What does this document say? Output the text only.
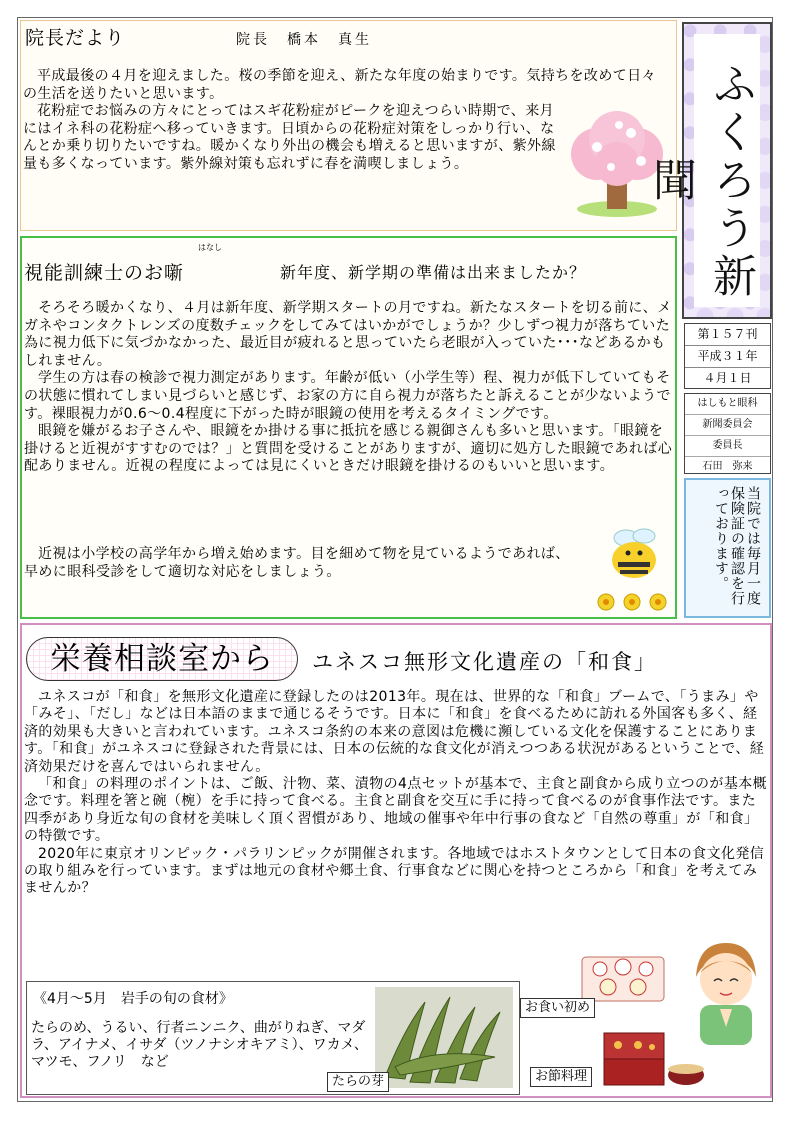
院長だより	院長　橋本　真生

平成最後の４月を迎えました。桜の季節を迎え、新たな年度の始まりです。気持ちを改めて日々の生活を送りたいと思います。

花粉症でお悩みの方々にとってはスギ花粉症がピークを迎えつらい時期で、来月にはイネ科の花粉症へ移っていきます。日頃からの花粉症対策をしっかり行い、なんとか乗り切りたいですね。暖かくなり外出の機会も増えると思いますが、紫外線量も多くなっています。紫外線対策も忘れずに春を満喫しましょう。

はなし
視能訓練士のお噺	新年度、新学期の準備は出来ましたか？

そろそろ暖かくなり、４月は新年度、新学期スタートの月ですね。新たなスタートを切る前に、メガネやコンタクトレンズの度数チェックをしてみてはいかがでしょうか？少しずつ視力が落ちていた為に視力低下に気づかなかった、最近目が疲れると思っていたら老眼が入っていた･･･などあるかもしれません。

学生の方は春の検診で視力測定があります。年齢が低い（小学生等）程、視力が低下していてもその状態に慣れてしまい見づらいと感じず、お家の方に自ら視力が落ちたと訴えることが少ないようです。裸眼視力が0.6～0.4程度に下がった時が眼鏡の使用を考えるタイミングです。

眼鏡を嫌がるお子さんや、眼鏡をか掛ける事に抵抗を感じる親御さんも多いと思います。「眼鏡を掛けると近視がすすむのでは？」と質問を受けることがありますが、適切に処方した眼鏡であれば心配ありません。近視の程度によっては見にくいときだけ眼鏡を掛けるのもいいと思います。

近視は小学校の高学年から増え始めます。目を細めて物を見ているようであれば、早めに眼科受診をして適切な対応をしましょう。

ふくろう新聞
第１５７刊
平成３１年
４月１日
はしもと眼科
新聞委員会
委員長
石田　弥来
当院では毎月一度保険証の確認を行っております。
栄養相談室から	ユネスコ無形文化遺産の「和食」

ユネスコが「和食」を無形文化遺産に登録したのは2013年。現在は、世界的な「和食」ブームで、「うまみ」や「みそ」、「だし」などは日本語のままで通じるそうです。日本に「和食」を食べるために訪れる外国客も多く、経済的効果も大きいと言われています。ユネスコ条約の本来の意図は危機に瀕している文化を保護することにあります。「和食」がユネスコに登録された背景には、日本の伝統的な食文化が消えつつある状況があるということで、経済効果だけを喜んではいられません。

「和食」の料理のポイントは、ご飯、汁物、菜、漬物の4点セットが基本で、主食と副食から成り立つのが基本概念です。料理を箸と碗（椀）を手に持って食べる。主食と副食を交互に手に持って食べるのが食事作法です。また四季があり身近な旬の食材を美味しく頂く習慣があり、地域の催事や年中行事の食など「自然の尊重」が「和食」の特徴です。

2020年に東京オリンピック・パラリンピックが開催されます。各地域ではホストタウンとして日本の食文化発信の取り組みを行っています。まずは地元の食材や郷土食、行事食などに関心を持つところから「和食」を考えてみませんか？

《4月～5月　岩手の旬の食材》
たらのめ、うるい、行者ニンニク、曲がりねぎ、マダラ、アイナメ、イサダ（ツノナシオキアミ）、ワカメ、マツモ、フノリ　など
たらの芽
お食い初め
お節料理
